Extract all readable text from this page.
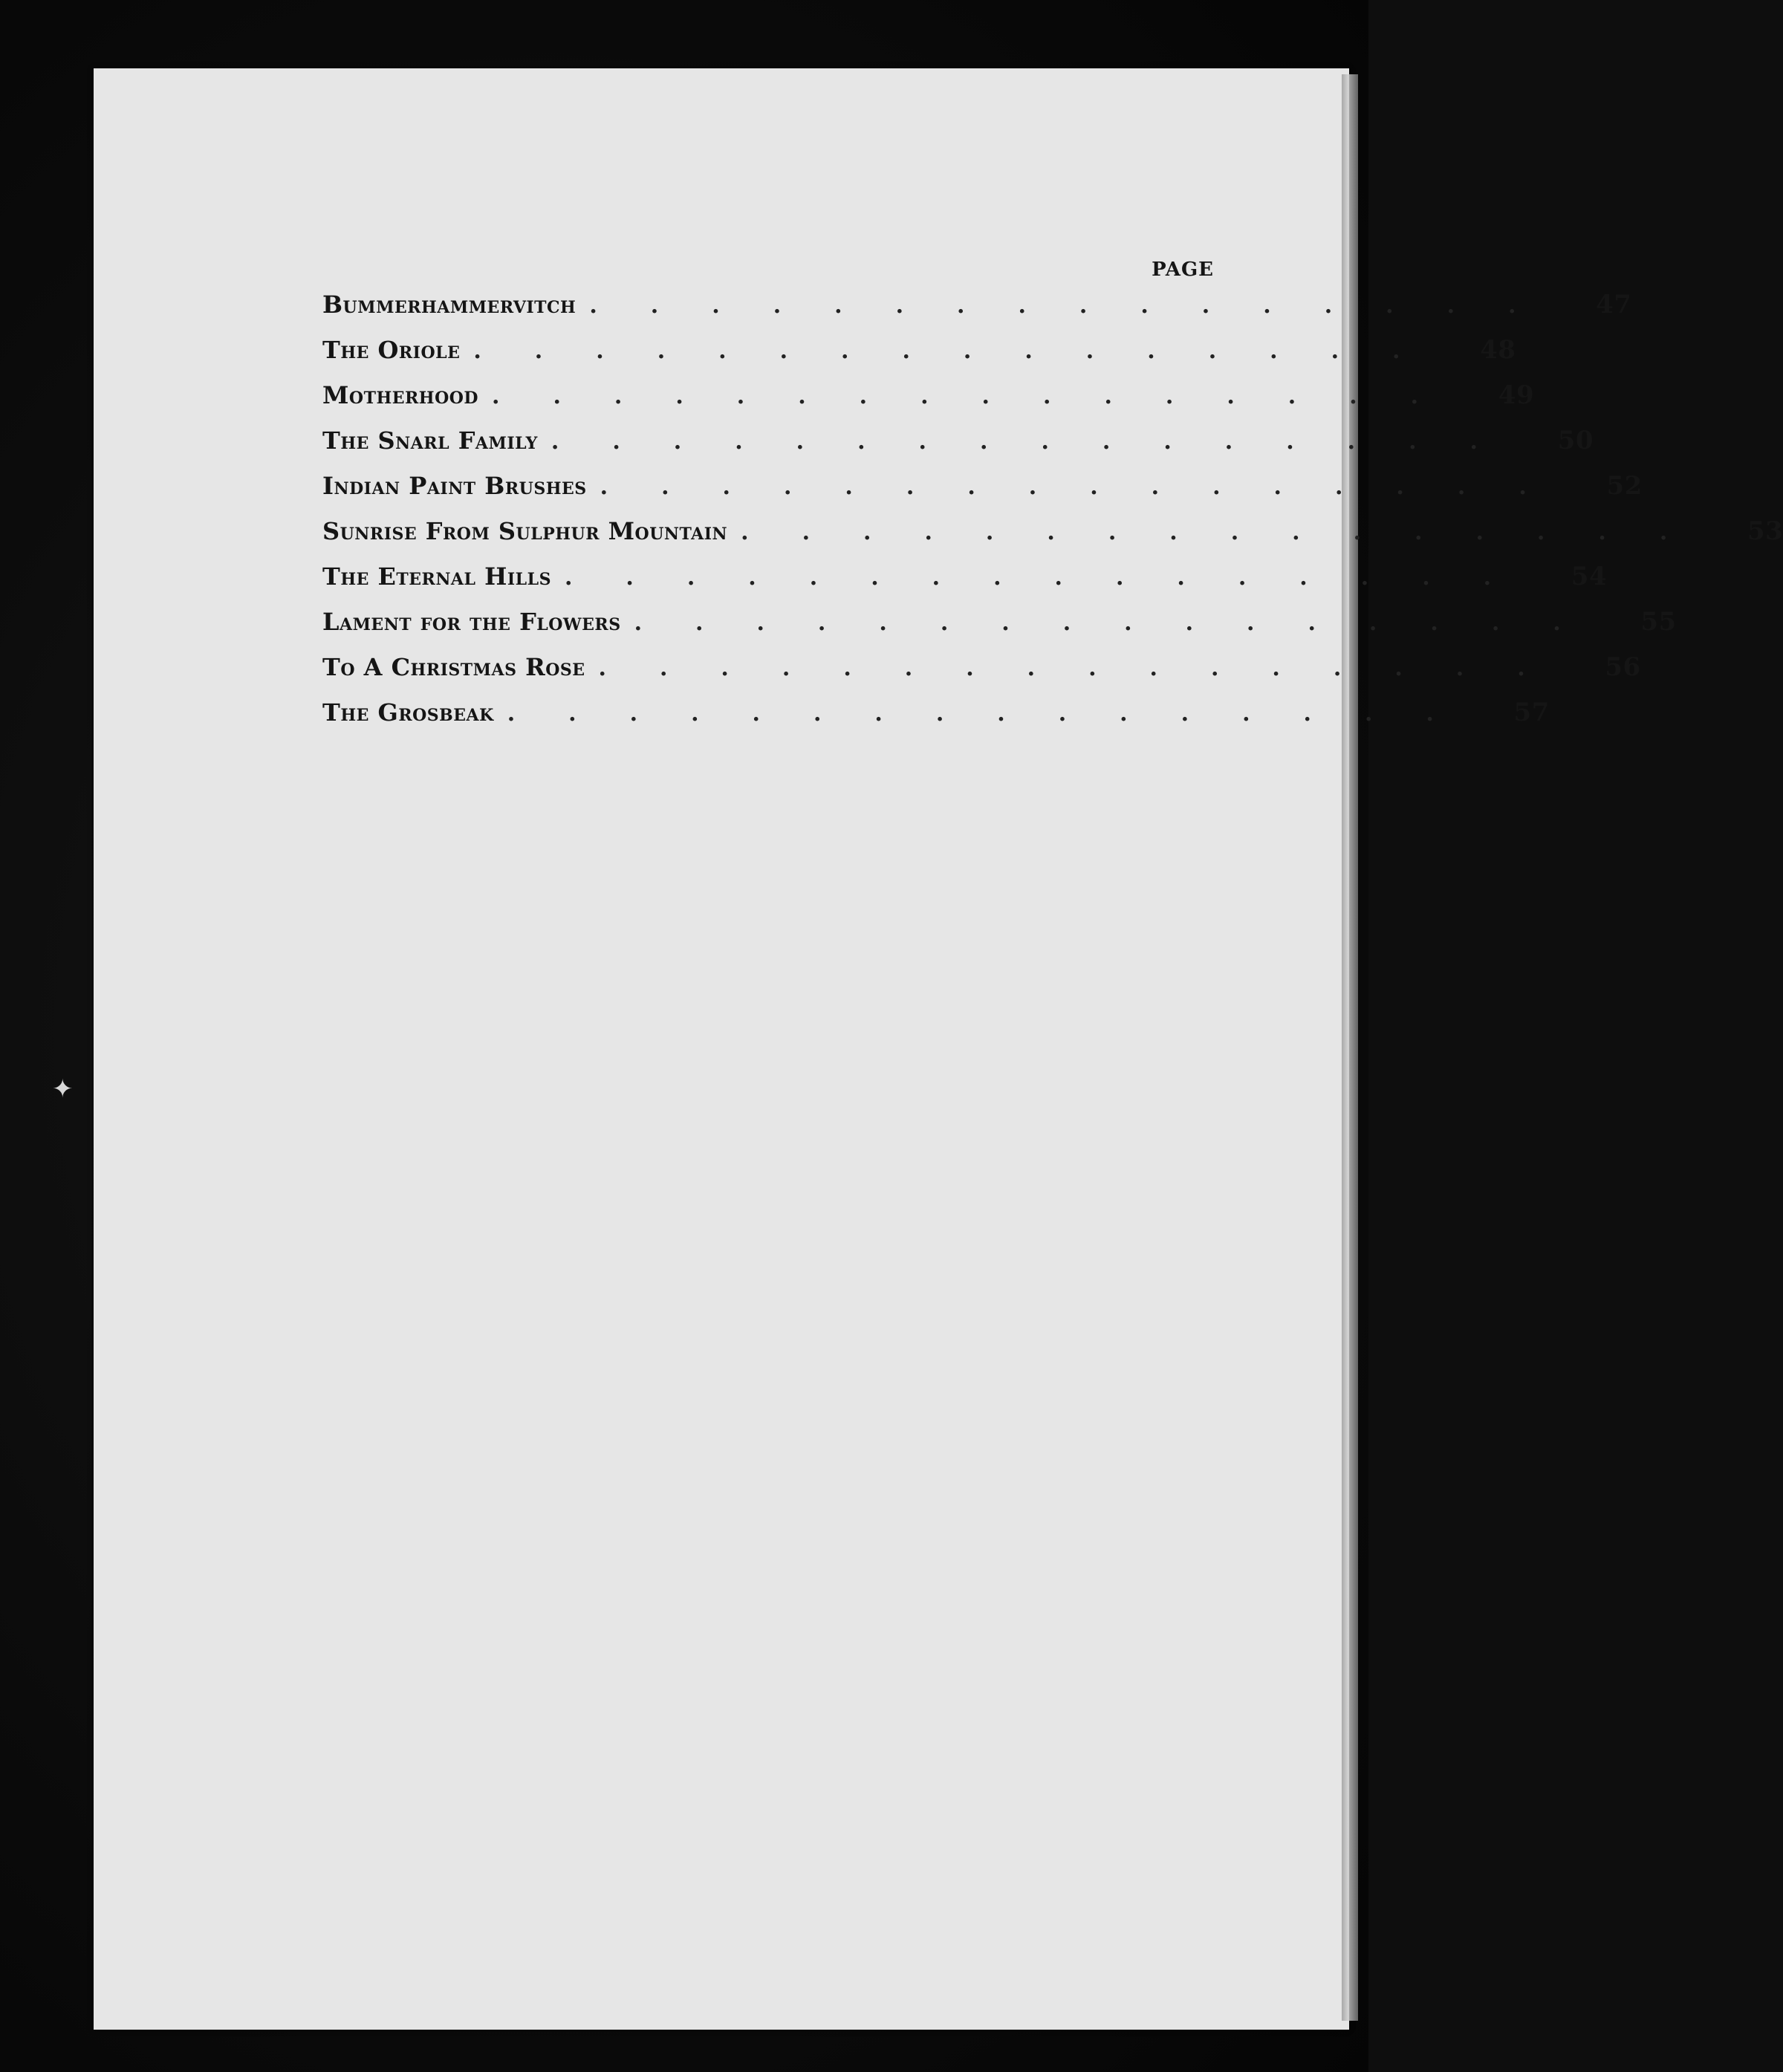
✦
PAGE
Bummerhammervitch ................	47
The Oriole ................	48
Motherhood ................	49
The Snarl Family ................	50
Indian Paint Brushes ................	52
Sunrise From Sulphur Mountain ................	53
The Eternal Hills ................	54
Lament for the Flowers ................	55
To A Christmas Rose ................	56
The Grosbeak ................	57
